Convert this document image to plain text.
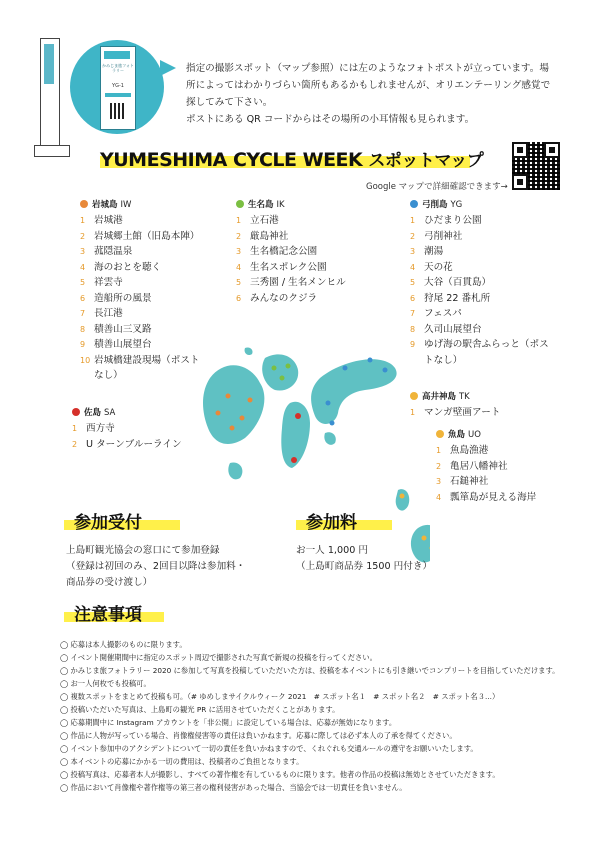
かみじま旅フォトラリー
YG-1

指定の撮影スポット（マップ参照）には左のようなフォトポストが立っています。場

所によってはわかりづらい箇所もあるかもしれませんが、オリエンテーリング感覚で

探してみて下さい。

ポストにある QR コードからはその場所の小耳情報も見られます。

YUMESHIMA CYCLE WEEK スポットマップ
Google マップで詳細確認できます→
岩城島 IW
1 岩城港
2 岩城郷土館（旧島本陣）
3 菰隠温泉
4 海のおとを聴く
5 祥雲寺
6 造船所の風景
7 長江港
8 積善山三叉路
9 積善山展望台
10 岩城橋建設現場（ポストなし）
佐島 SA
1 西方寺
2 U ターンブルーライン
生名島 IK
1 立石港
2 厳島神社
3 生名橋記念公園
4 生名スポレク公園
5 三秀園 / 生名メンヒル
6 みんなのクジラ
弓削島 YG
1 ひだまり公園
2 弓削神社
3 潮湯
4 天の花
5 大谷（百貫島）
6 狩尾 22 番札所
7 フェスパ
8 久司山展望台
9 ゆげ海の駅舎ふらっと（ポストなし）
高井神島 TK
1 マンガ壁画アート
魚島 UO
1 魚島漁港
2 亀居八幡神社
3 石鎚神社
4 瓢箪島が見える海岸
参加受付

上島町観光協会の窓口にて参加登録

（登録は初回のみ、2回目以降は参加料・

商品券の受け渡し）

参加料

お一人 1,000 円

（上島町商品券 1500 円付き）

注意事項
◯ 応募は本人撮影のものに限ります。
◯ イベント開催期間中に指定のスポット周辺で撮影された写真で新規の投稿を行ってください。
◯ かみじま旅フォトラリー 2020 に参加して写真を投稿していただいた方は、投稿を本イベントにも引き継いでコンプリートを目指していただけます。
◯ お一人何枚でも投稿可。
◯ 複数スポットをまとめて投稿も可。（# ゆめしまサイクルウィーク 2021　# スポット名１　# スポット名２　# スポット名３...）
◯ 投稿いただいた写真は、上島町の観光 PR に活用させていただくことがあります。
◯ 応募期間中に Instagram アカウントを「非公開」に設定している場合は、応募が無効になります。
◯ 作品に人物が写っている場合、肖像権侵害等の責任は負いかねます。応募に際しては必ず本人の了承を得てください。
◯ イベント参加中のアクシデントについて一切の責任を負いかねますので、くれぐれも交通ルールの遵守をお願いいたします。
◯ 本イベントの応募にかかる一切の費用は、投稿者のご負担となります。
◯ 投稿写真は、応募者本人が撮影し、すべての著作権を有しているものに限ります。他者の作品の投稿は無効とさせていただきます。
◯ 作品において肖像権や著作権等の第三者の権利侵害があった場合、当協会では一切責任を負いません。
